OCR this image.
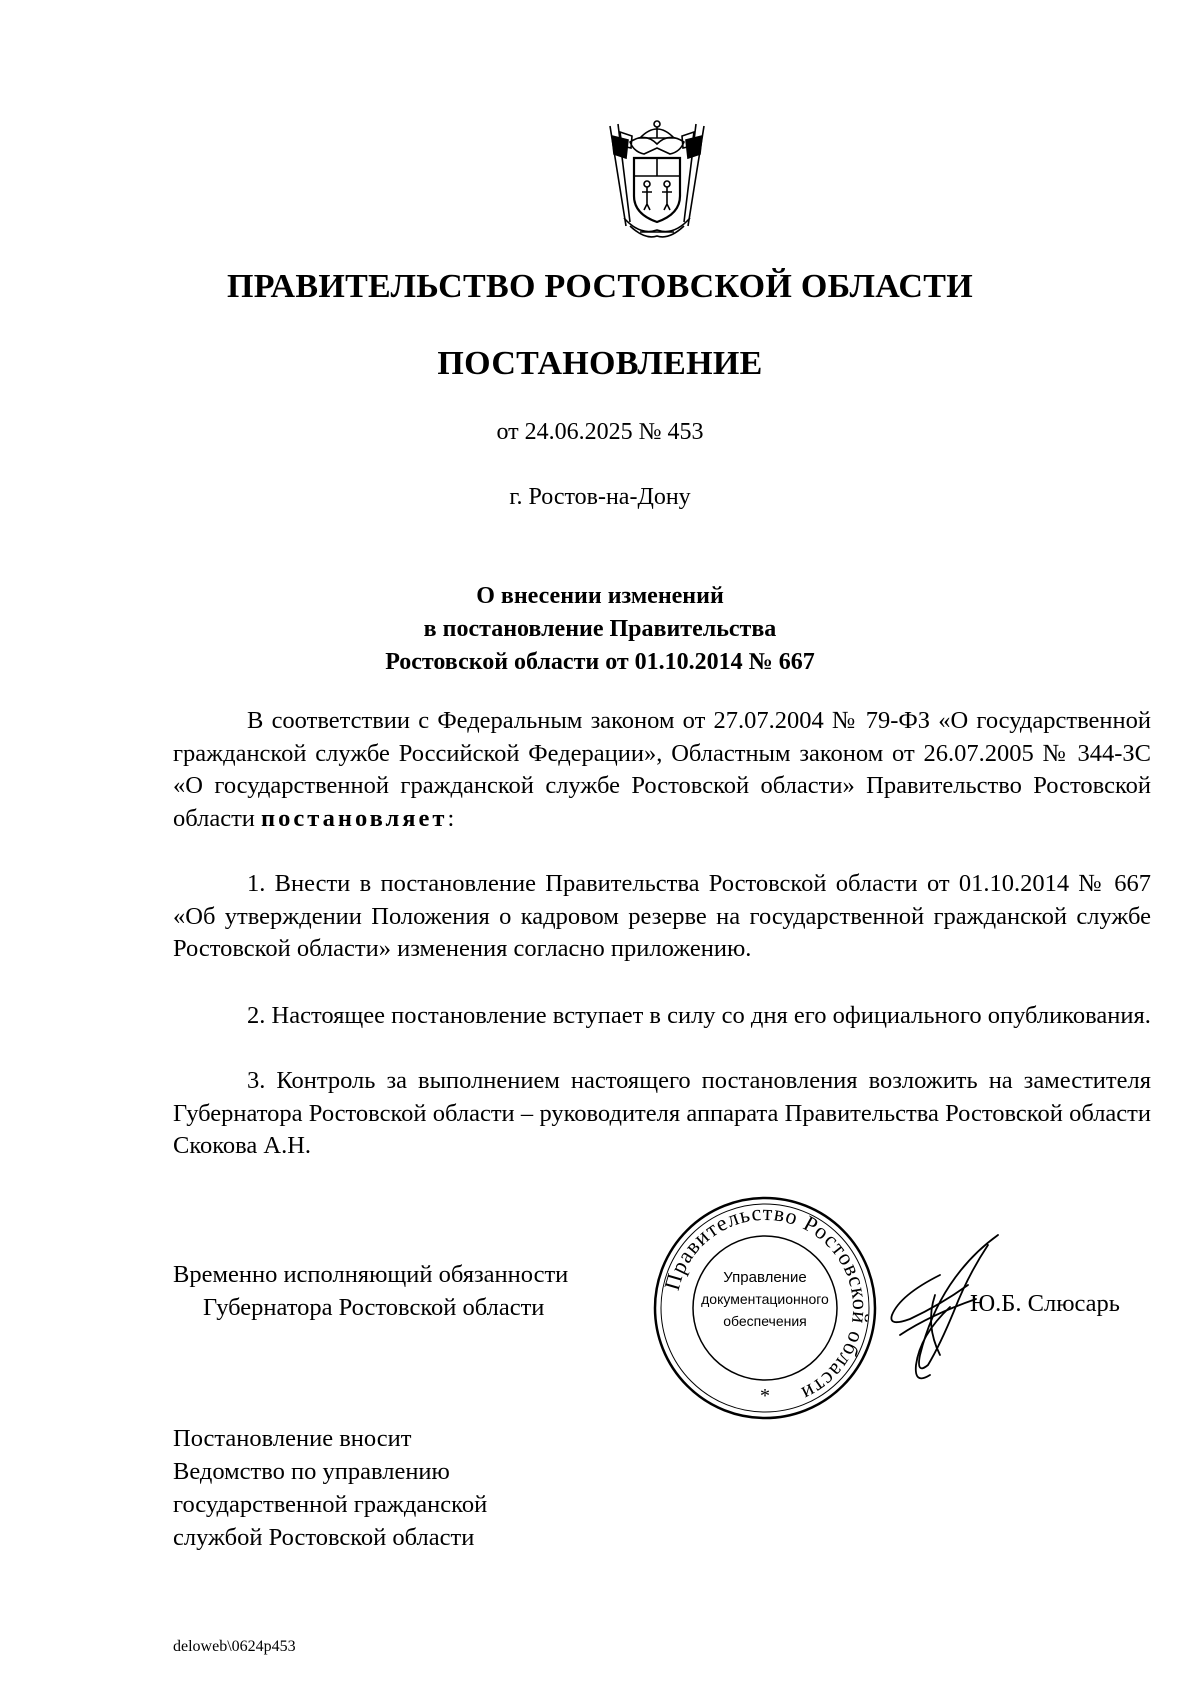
ПРАВИТЕЛЬСТВО РОСТОВСКОЙ ОБЛАСТИ
ПОСТАНОВЛЕНИЕ
от 24.06.2025 № 453
г. Ростов-на-Дону
О внесении изменений
в постановление Правительства
Ростовской области от 01.10.2014 № 667
В соответствии с Федеральным законом от 27.07.2004 № 79-ФЗ «О государственной гражданской службе Российской Федерации», Областным законом от 26.07.2005 № 344-ЗС «О государственной гражданской службе Ростовской области» Правительство Ростовской области постановляет:
1. Внести в постановление Правительства Ростовской области от 01.10.2014 № 667 «Об утверждении Положения о кадровом резерве на государственной гражданской службе Ростовской области» изменения согласно приложению.
2. Настоящее постановление вступает в силу со дня его официального опубликования.
3. Контроль за выполнением настоящего постановления возложить на заместителя Губернатора Ростовской области – руководителя аппарата Правительства Ростовской области Скокова А.Н.
Временно исполняющий обязанности
Губернатора Ростовской области
Правительство Ростовской области
Управление
документационного
обеспечения
*
Ю.Б. Слюсарь
Постановление вносит
Ведомство по управлению
государственной гражданской
службой Ростовской области
deloweb\0624p453
